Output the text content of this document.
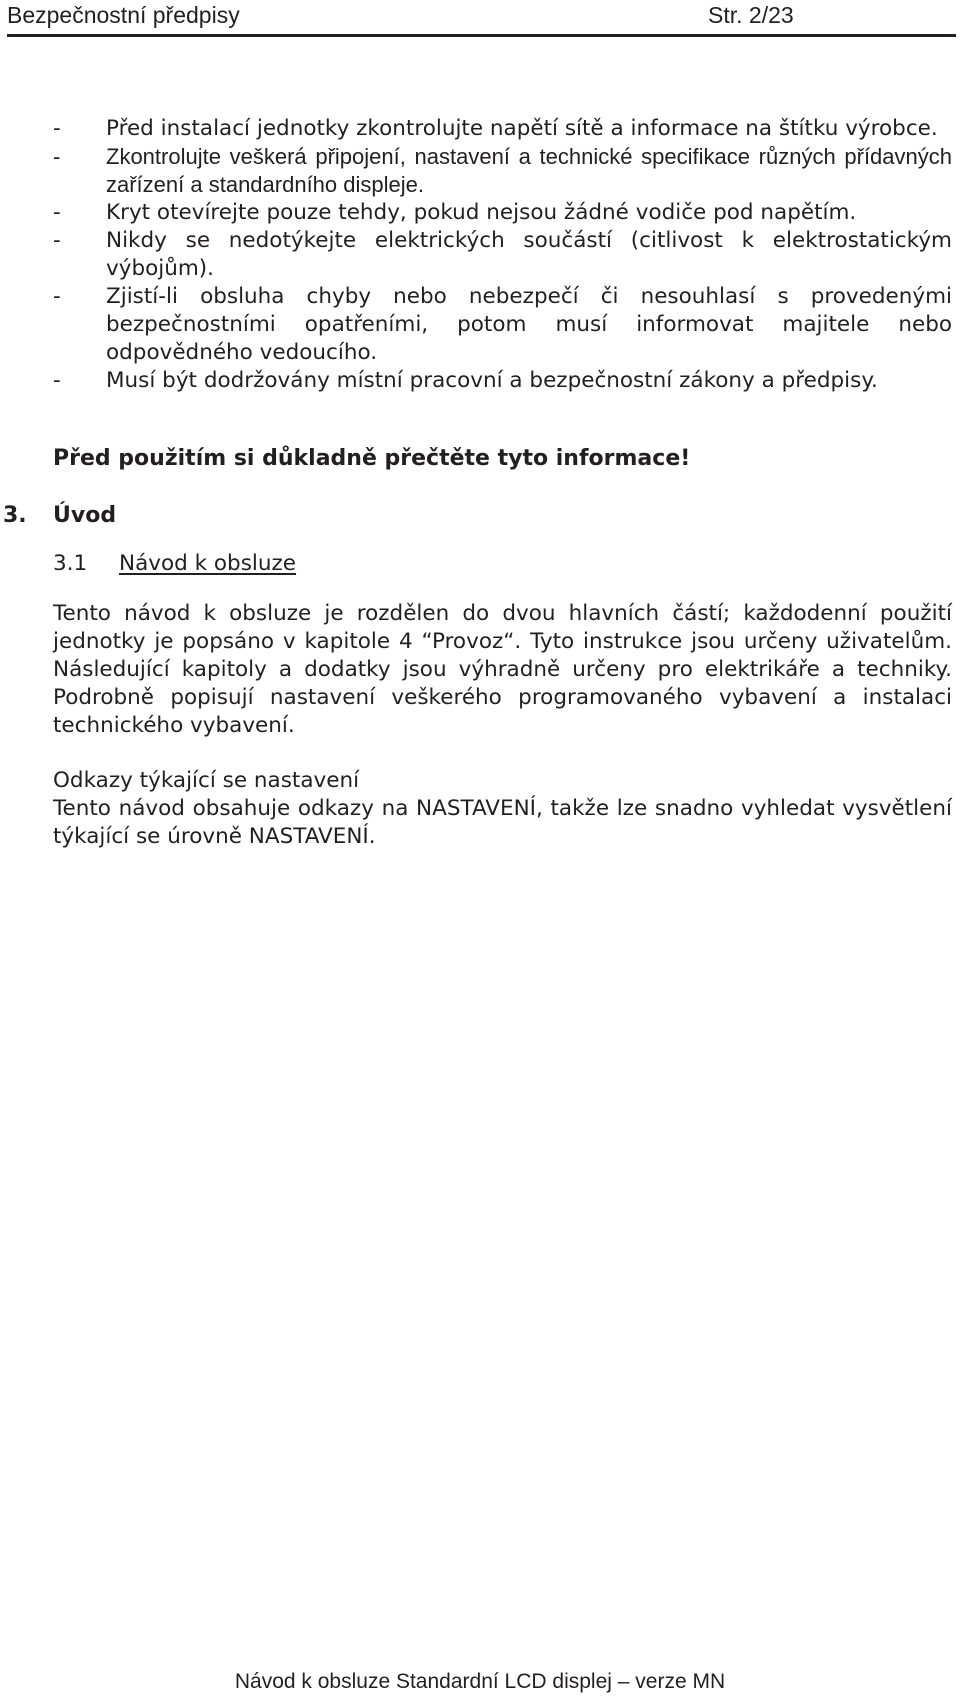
Bezpečnostní předpisy	Str. 2/23
- Před instalací jednotky zkontrolujte napětí sítě a informace na štítku výrobce.
- Zkontrolujte veškerá připojení, nastavení a technické specifikace různých přídavných zařízení a standardního displeje.
- Kryt otevírejte pouze tehdy, pokud nejsou žádné vodiče pod napětím.
- Nikdy se nedotýkejte elektrických součástí (citlivost k elektrostatickým výbojům).
- Zjistí-li obsluha chyby nebo nebezpečí či nesouhlasí s provedenými bezpečnostními opatřeními, potom musí informovat majitele nebo odpovědného vedoucího.
- Musí být dodržovány místní pracovní a bezpečnostní zákony a předpisy.

Před použitím si důkladně přečtěte tyto informace!

3. Úvod
3.1 Návod k obsluze

Tento návod k obsluze je rozdělen do dvou hlavních částí; každodenní použití jednotky je popsáno v kapitole 4 “Provoz“. Tyto instrukce jsou určeny uživatelům. Následující kapitoly a dodatky jsou výhradně určeny pro elektrikáře a techniky. Podrobně popisují nastavení veškerého programovaného vybavení a instalaci technického vybavení.

Odkazy týkající se nastavení

Tento návod obsahuje odkazy na NASTAVENÍ, takže lze snadno vyhledat vysvětlení týkající se úrovně NASTAVENÍ.

Návod k obsluze Standardní LCD displej – verze MN
